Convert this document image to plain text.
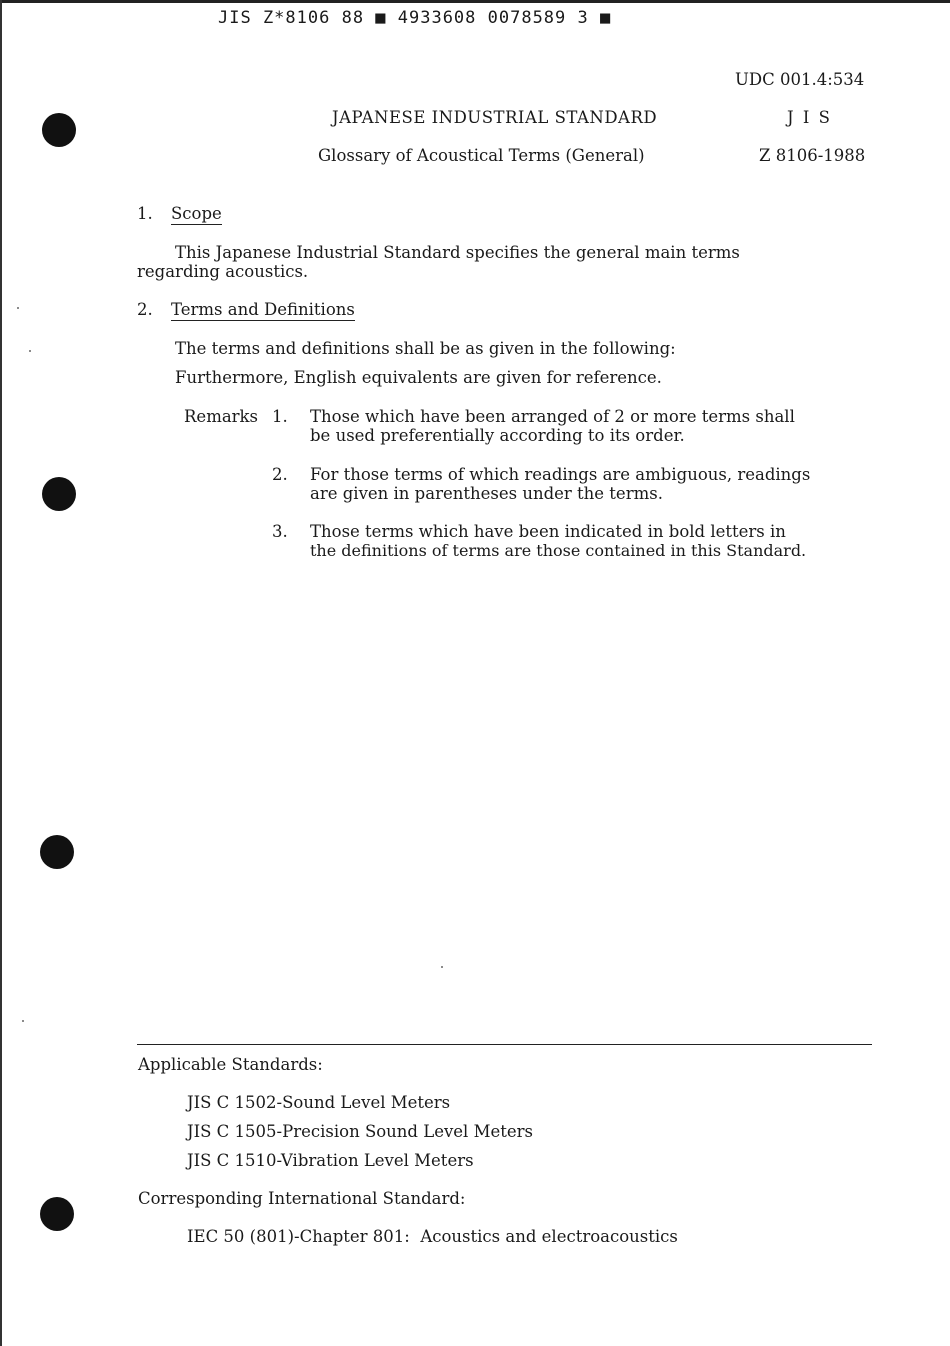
JIS Z*8106 88 ■ 4933608 0078589 3 ■
UDC 001.4:534
JAPANESE INDUSTRIAL STANDARD	J I S
Glossary of Acoustical Terms (General)	Z 8106-1988
1. Scope
This Japanese Industrial Standard specifies the general main terms
regarding acoustics.
2. Terms and Definitions
The terms and definitions shall be as given in the following:
Furthermore, English equivalents are given for reference.
Remarks 1. Those which have been arranged of 2 or more terms shall
be used preferentially according to its order.
2. For those terms of which readings are ambiguous, readings
are given in parentheses under the terms.
3. Those terms which have been indicated in bold letters in
the definitions of terms are those contained in this Standard.
Applicable Standards:
JIS C 1502-Sound Level Meters
JIS C 1505-Precision Sound Level Meters
JIS C 1510-Vibration Level Meters
Corresponding International Standard:
IEC 50 (801)-Chapter 801:  Acoustics and electroacoustics
